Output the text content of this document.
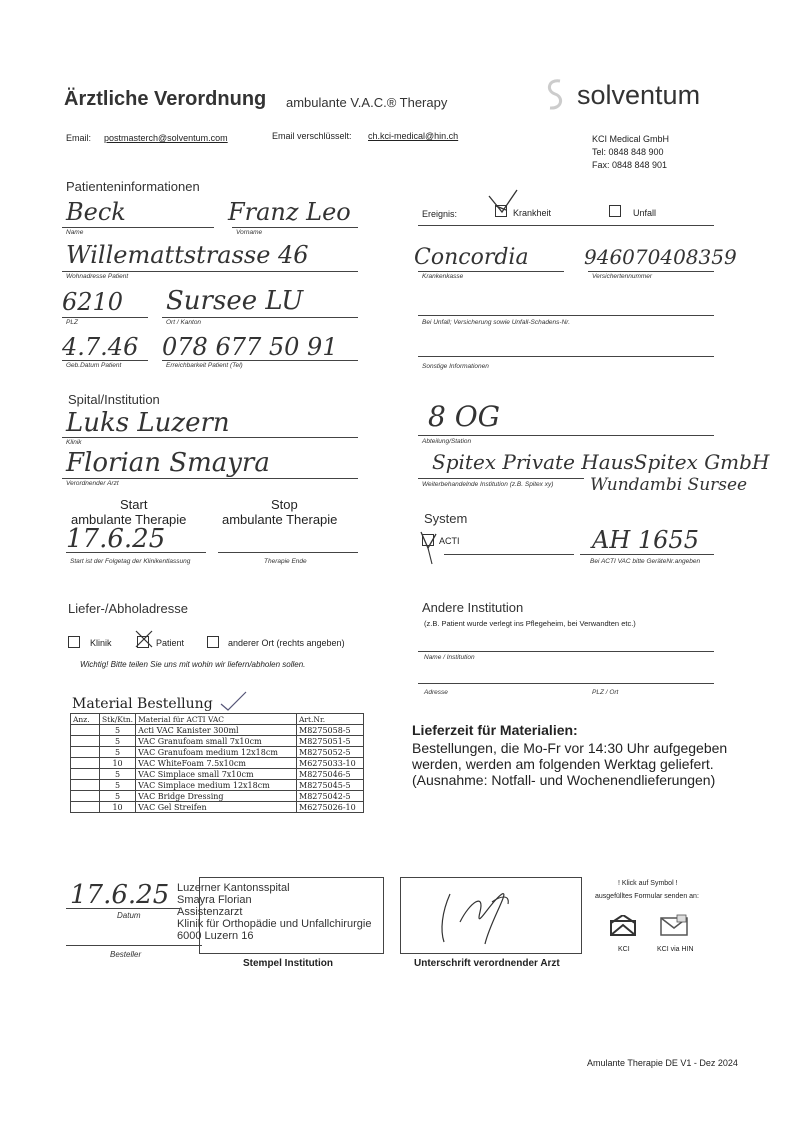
Ärztliche Verordnung ambulante V.A.C.® Therapy	solventum
Email: postmasterch@solventum.com	Email verschlüsselt: ch.kci-medical@hin.ch	KCI Medical GmbH
Tel: 0848 848 900
Fax: 0848 848 901
Patienteninformationen
Beck
Name
Franz Leo
Vorname
Willemattstrasse 46
Wohnadresse Patient
6210
PLZ
Sursee LU
Ort / Kanton
4.7.46
Geb.Datum Patient
078 677 50 91
Erreichbarkeit Patient (Tel)
Ereignis:	Krankheit	Unfall
Concordia
Krankenkasse
946070408359
Versichertennummer
Bei Unfall; Versicherung sowie Unfall-Schadens-Nr.
Sonstige Informationen
Spital/Institution
Luks Luzern
Klinik
8 OG
Abteilung/Station
Florian Smayra
Verordnender Arzt
Spitex Private HausSpitex GmbH
Wundambi Sursee
Weiterbehandelnde Institution (z.B. Spitex xy)
Start
ambulante Therapie
Stop
ambulante Therapie
17.6.25
Start ist der Folgetag der Klinikentlassung	Therapie Ende
System
ACTI	AH 1655
Bei ACTI VAC bitte GeräteNr.angeben
Liefer-/Abholadresse
Klinik	Patient	anderer Ort (rechts angeben)
Wichtig! Bitte teilen Sie uns mit wohin wir liefern/abholen sollen.
Andere Institution
(z.B. Patient wurde verlegt ins Pflegeheim, bei Verwandten etc.)
Name / Institution
Adresse	PLZ / Ort
Material Bestellung
Anz.	Stk/Ktn.	Material für ACTI VAC	Art.Nr.
	5	Acti VAC Kanister 300ml	M8275058-5
	5	VAC Granufoam small 7x10cm	M8275051-5
	5	VAC Granufoam medium 12x18cm	M8275052-5
	10	VAC WhiteFoam 7.5x10cm	M6275033-10
	5	VAC Simplace small 7x10cm	M8275046-5
	5	VAC Simplace medium 12x18cm	M8275045-5
	5	VAC Bridge Dressing	M8275042-5
	10	VAC Gel Streifen	M6275026-10
Lieferzeit für Materialien:
Bestellungen, die Mo-Fr vor 14:30 Uhr aufgegeben
werden, werden am folgenden Werktag geliefert.
(Ausnahme: Notfall- und Wochenendlieferungen)
17.6.25
Datum
Besteller
Luzerner Kantonsspital
Smayra Florian
Assistenzarzt
Klinik für Orthopädie und Unfallchirurgie
6000 Luzern 16
Stempel Institution	Unterschrift verordnender Arzt
! Klick auf Symbol !
ausgefülltes Formular senden an:
KCI	KCI via HIN
Amulante Therapie DE V1 - Dez 2024
